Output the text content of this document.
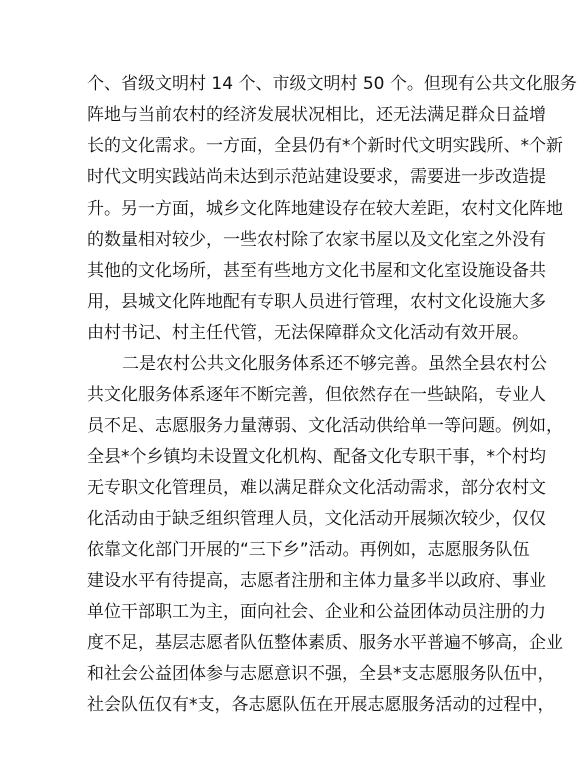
个、省级文明村 14 个、市级文明村 50 个。但现有公共文化服务
阵地与当前农村的经济发展状况相比，还无法满足群众日益增
长的文化需求。一方面，全县仍有*个新时代文明实践所、*个新
时代文明实践站尚未达到示范站建设要求，需要进一步改造提
升。另一方面，城乡文化阵地建设存在较大差距，农村文化阵地
的数量相对较少，一些农村除了农家书屋以及文化室之外没有
其他的文化场所，甚至有些地方文化书屋和文化室设施设备共
用，县城文化阵地配有专职人员进行管理，农村文化设施大多
由村书记、村主任代管，无法保障群众文化活动有效开展。
二是农村公共文化服务体系还不够完善。虽然全县农村公
共文化服务体系逐年不断完善，但依然存在一些缺陷，专业人
员不足、志愿服务力量薄弱、文化活动供给单一等问题。例如，
全县*个乡镇均未设置文化机构、配备文化专职干事，*个村均
无专职文化管理员，难以满足群众文化活动需求，部分农村文
化活动由于缺乏组织管理人员，文化活动开展频次较少，仅仅
依靠文化部门开展的“三下乡”活动。再例如，志愿服务队伍
建设水平有待提高，志愿者注册和主体力量多半以政府、事业
单位干部职工为主，面向社会、企业和公益团体动员注册的力
度不足，基层志愿者队伍整体素质、服务水平普遍不够高，企业
和社会公益团体参与志愿意识不强，全县*支志愿服务队伍中，
社会队伍仅有*支，各志愿队伍在开展志愿服务活动的过程中，
